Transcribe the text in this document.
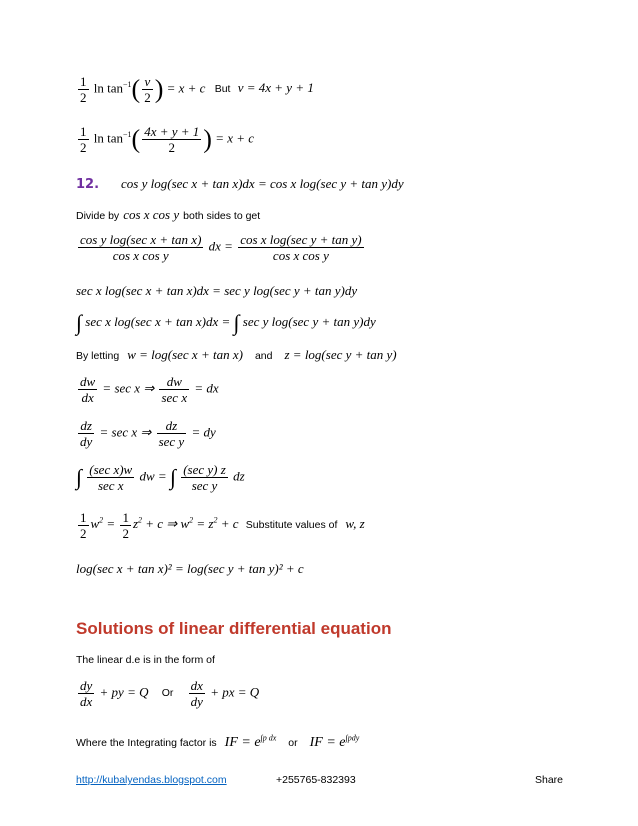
$\frac{1}{2}$ $\ln \tan^{-1}( \frac{v}{2}$ ) = x + c But v = 4x + y + 1
$\frac{1}{2}$ $\ln \tan^{-1}( \frac{4x + y + 1}{2}$ ) = x + c
12. cos y log(sec x + tan x)dx = cos x log(sec y + tan y)dy
Divide by cos x cos y both sides to get
$\frac{\text{cos y log(sec x + tan x)}}{\text{cos x cos y}}$ dx = $\frac{\text{cos x log(sec y + tan y)}}{\text{cos x cos y}}$
sec x log(sec x + tan x)dx = sec y log(sec y + tan y)dy
∫ sec x log(sec x + tan x)dx = ∫ sec y log(sec y + tan y)dy
By letting w = log(sec x + tan x) and z = log(sec y + tan y)
$\frac{dw}{dx} = \sec x$ ⇒ $\frac{dw}{\text{sec x}}$ = dx
$\frac{dz}{dy} = \sec x$ ⇒ $\frac{dz}{\text{sec y}}$ = dy
∫ $\frac{\text{(sec x)w}}{\text{sec x}}$ dw = ∫ $\frac{\text{(sec y) z}}{\text{sec y}}$ dz
$\frac{1}{2} w^2 = \frac{1}{2} z^2 + c$ ⇒ $w^2 = z^2 + c$ Substitute values of w, z
log(sec x + tan x)² = log(sec y + tan y)² + c
Solutions of linear differential equation
The linear d.e is in the form of
$\frac{dy}{dx}$ + py = Q Or $\frac{dx}{dy}$ + px = Q
Where the Integrating factor is IF = $e^{\int p dx}$ or IF = $e^{\int pdy}$
http://kubalyendas.blogspot.com	+255765-832393	Share
